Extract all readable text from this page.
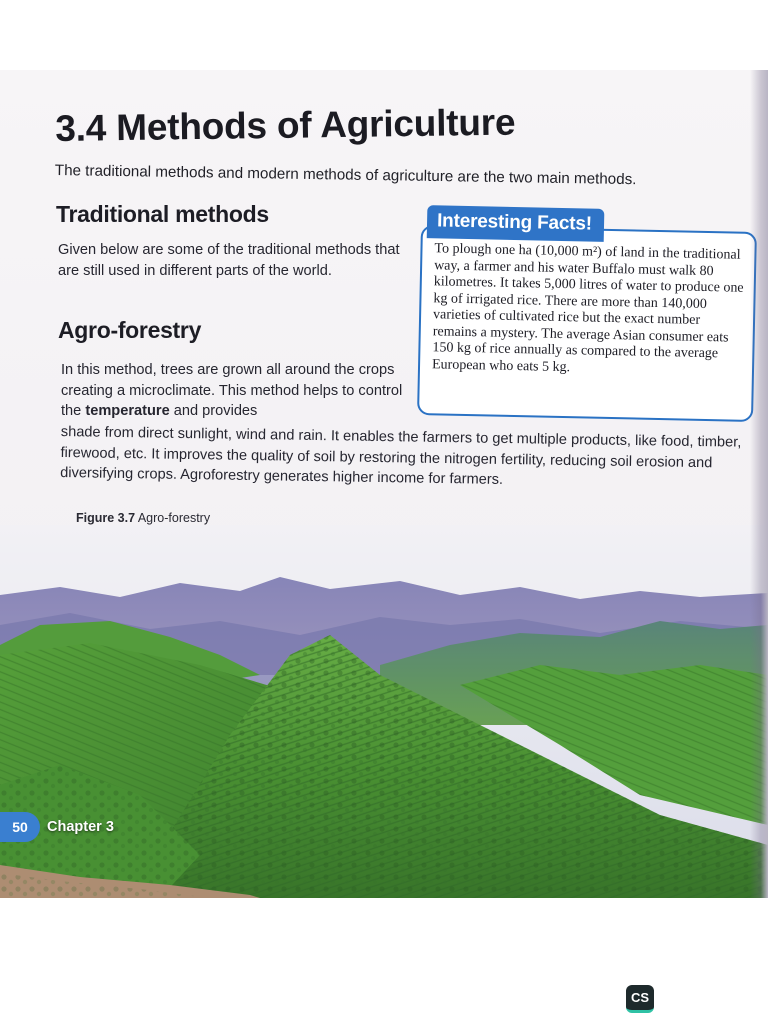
3.4 Methods of Agriculture

The traditional methods and modern methods of agriculture are the two main methods.

Traditional methods

Given below are some of the traditional methods that are still used in different parts of the world.

Agro-forestry

In this method, trees are grown all around the crops creating a microclimate. This method helps to control the temperature and provides

shade from direct sunlight, wind and rain. It enables the farmers to get multiple products, like food, timber, firewood, etc. It improves the quality of soil by restoring the nitrogen fertility, reducing soil erosion and diversifying crops. Agroforestry generates higher income for farmers.

Interesting Facts!

To plough one ha (10,000 m²) of land in the traditional way, a farmer and his water Buffalo must walk 80 kilometres. It takes 5,000 litres of water to produce one kg of irrigated rice. There are more than 140,000 varieties of cultivated rice but the exact number remains a mystery. The average Asian consumer eats 150 kg of rice annually as compared to the average European who eats 5 kg.

Figure 3.7 Agro-forestry

50	Chapter 3

CS
